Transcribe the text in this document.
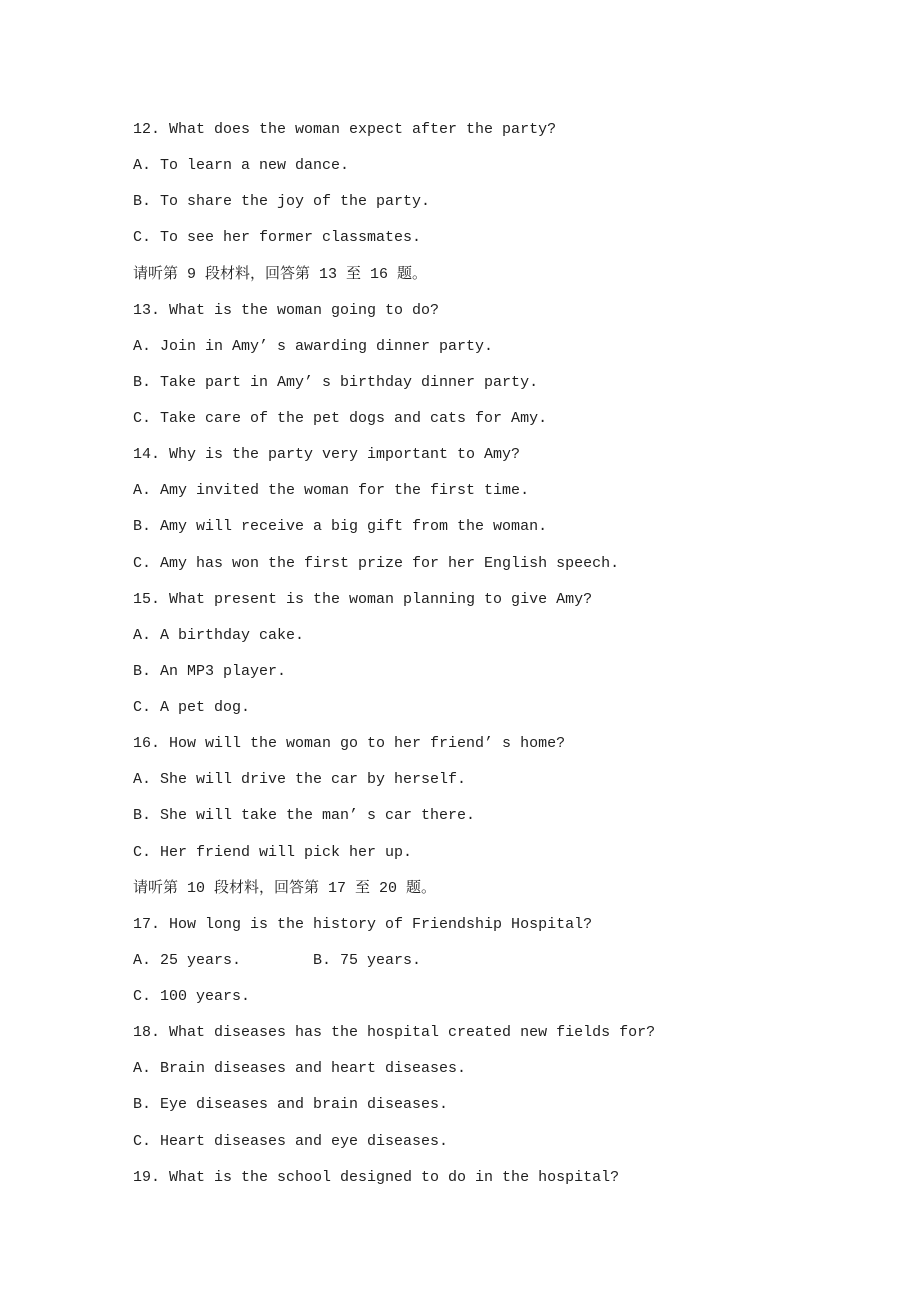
12. What does the woman expect after the party?
A. To learn a new dance.
B. To share the joy of the party.
C. To see her former classmates.
请听第 9 段材料，回答第 13 至 16 题。
13. What is the woman going to do?
A. Join in Amy’ s awarding dinner party.
B. Take part in Amy’ s birthday dinner party.
C. Take care of the pet dogs and cats for Amy.
14. Why is the party very important to Amy?
A. Amy invited the woman for the first time.
B. Amy will receive a big gift from the woman.
C. Amy has won the first prize for her English speech.
15. What present is the woman planning to give Amy?
A. A birthday cake.
B. An MP3 player.
C. A pet dog.
16. How will the woman go to her friend’ s home?
A. She will drive the car by herself.
B. She will take the man’ s car there.
C. Her friend will pick her up.
请听第 10 段材料，回答第 17 至 20 题。
17. How long is the history of Friendship Hospital?
A. 25 years.        B. 75 years.
C. 100 years.
18. What diseases has the hospital created new fields for?
A. Brain diseases and heart diseases.
B. Eye diseases and brain diseases.
C. Heart diseases and eye diseases.
19. What is the school designed to do in the hospital?
